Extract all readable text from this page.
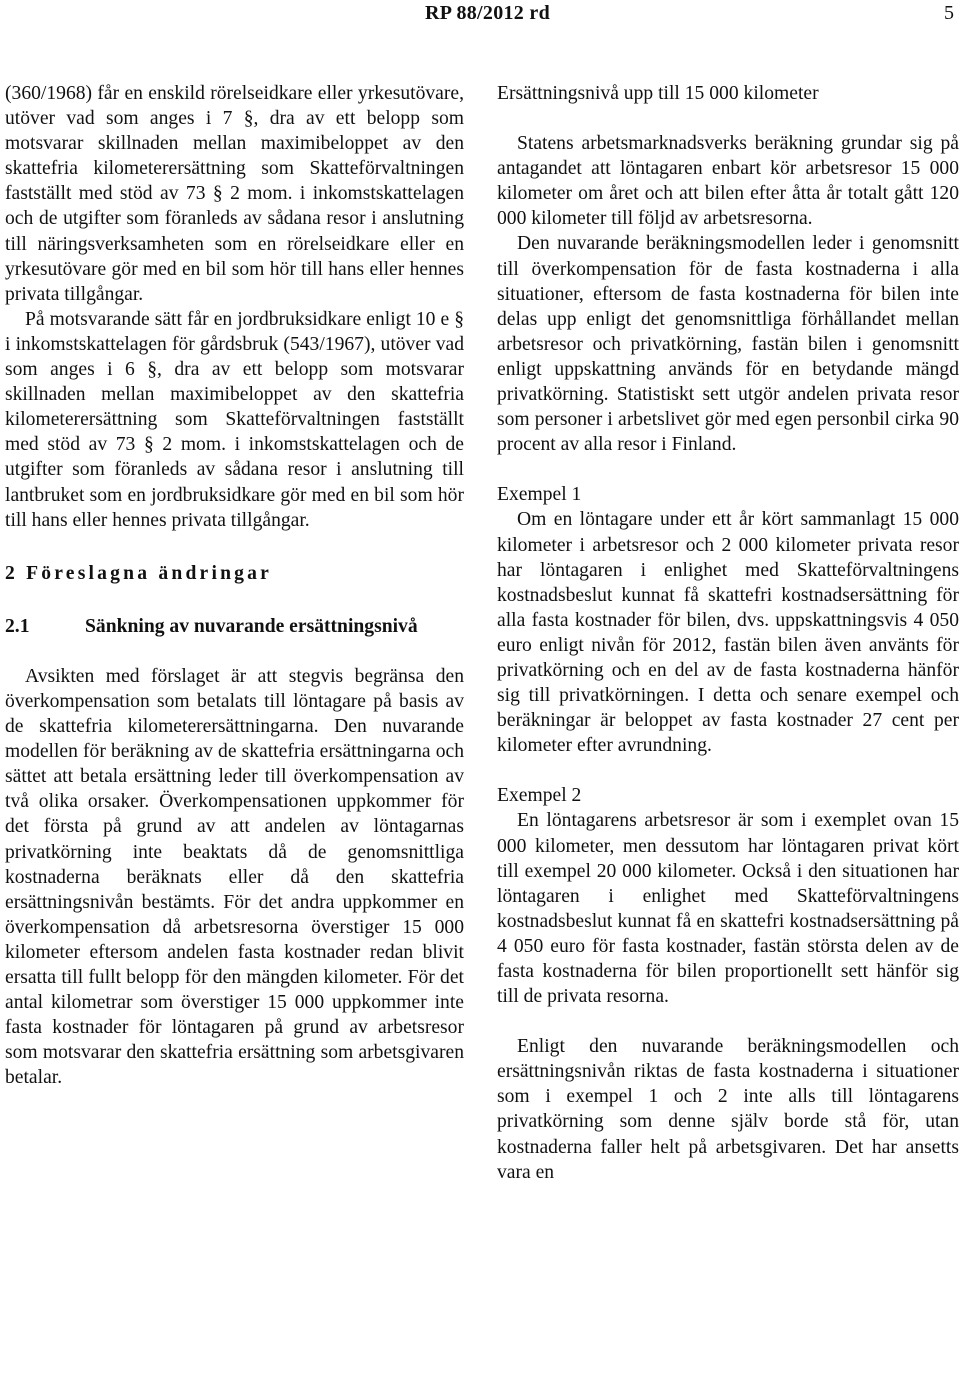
RP 88/2012 rd	5

(360/1968) får en enskild rörelseidkare eller yrkesutövare, utöver vad som anges i 7 §, dra av ett belopp som motsvarar skillnaden mellan maximibeloppet av den skattefria kilometerersättning som Skatteförvaltningen fastställt med stöd av 73 § 2 mom. i inkomstskattelagen och de utgifter som föranleds av sådana resor i anslutning till näringsverksamheten som en rörelseidkare eller en yrkesutövare gör med en bil som hör till hans eller hennes privata tillgångar.

På motsvarande sätt får en jordbruksidkare enligt 10 e § i inkomstskattelagen för gårdsbruk (543/1967), utöver vad som anges i 6 §, dra av ett belopp som motsvarar skillnaden mellan maximibeloppet av den skattefria kilometerersättning som Skatteförvaltningen fastställt med stöd av 73 § 2 mom. i inkomstskattelagen och de utgifter som föranleds av sådana resor i anslutning till lantbruket som en jordbruksidkare gör med en bil som hör till hans eller hennes privata tillgångar.

2 Föreslagna ändringar
2.1	Sänkning av nuvarande ersättningsnivå

Avsikten med förslaget är att stegvis begränsa den överkompensation som betalats till löntagare på basis av de skattefria kilometerersättningarna. Den nuvarande modellen för beräkning av de skattefria ersättningarna och sättet att betala ersättning leder till överkompensation av två olika orsaker. Överkompensationen uppkommer för det första på grund av att andelen av löntagarnas privatkörning inte beaktats då de genomsnittliga kostnaderna beräknats eller då den skattefria ersättningsnivån bestämts. För det andra uppkommer en överkompensation då arbetsresorna överstiger 15 000 kilometer eftersom andelen fasta kostnader redan blivit ersatta till fullt belopp för den mängden kilometer. För det antal kilometrar som överstiger 15 000 uppkommer inte fasta kostnader för löntagaren på grund av arbetsresor som motsvarar den skattefria ersättning som arbetsgivaren betalar.

Ersättningsnivå upp till 15 000 kilometer

Statens arbetsmarknadsverks beräkning grundar sig på antagandet att löntagaren enbart kör arbetsresor 15 000 kilometer om året och att bilen efter åtta år totalt gått 120 000 kilometer till följd av arbetsresorna.

Den nuvarande beräkningsmodellen leder i genomsnitt till överkompensation för de fasta kostnaderna i alla situationer, eftersom de fasta kostnaderna för bilen inte delas upp enligt det genomsnittliga förhållandet mellan arbetsresor och privatkörning, fastän bilen i genomsnitt enligt uppskattning används för en betydande mängd privatkörning. Statistiskt sett utgör andelen privata resor som personer i arbetslivet gör med egen personbil cirka 90 procent av alla resor i Finland.

Exempel 1

Om en löntagare under ett år kört sammanlagt 15 000 kilometer i arbetsresor och 2 000 kilometer privata resor har löntagaren i enlighet med Skatteförvaltningens kostnadsbeslut kunnat få skattefri kostnadsersättning för alla fasta kostnader för bilen, dvs. uppskattningsvis 4 050 euro enligt nivån för 2012, fastän bilen även använts för privatkörning och en del av de fasta kostnaderna hänför sig till privatkörningen. I detta och senare exempel och beräkningar är beloppet av fasta kostnader 27 cent per kilometer efter avrundning.

Exempel 2

En löntagarens arbetsresor är som i exemplet ovan 15 000 kilometer, men dessutom har löntagaren privat kört till exempel 20 000 kilometer. Också i den situationen har löntagaren i enlighet med Skatteförvaltningens kostnadsbeslut kunnat få en skattefri kostnadsersättning på 4 050 euro för fasta kostnader, fastän största delen av de fasta kostnaderna för bilen proportionellt sett hänför sig till de privata resorna.

Enligt den nuvarande beräkningsmodellen och ersättningsnivån riktas de fasta kostnaderna i situationer som i exempel 1 och 2 inte alls till löntagarens privatkörning som denne själv borde stå för, utan kostnaderna faller helt på arbetsgivaren. Det har ansetts vara en
